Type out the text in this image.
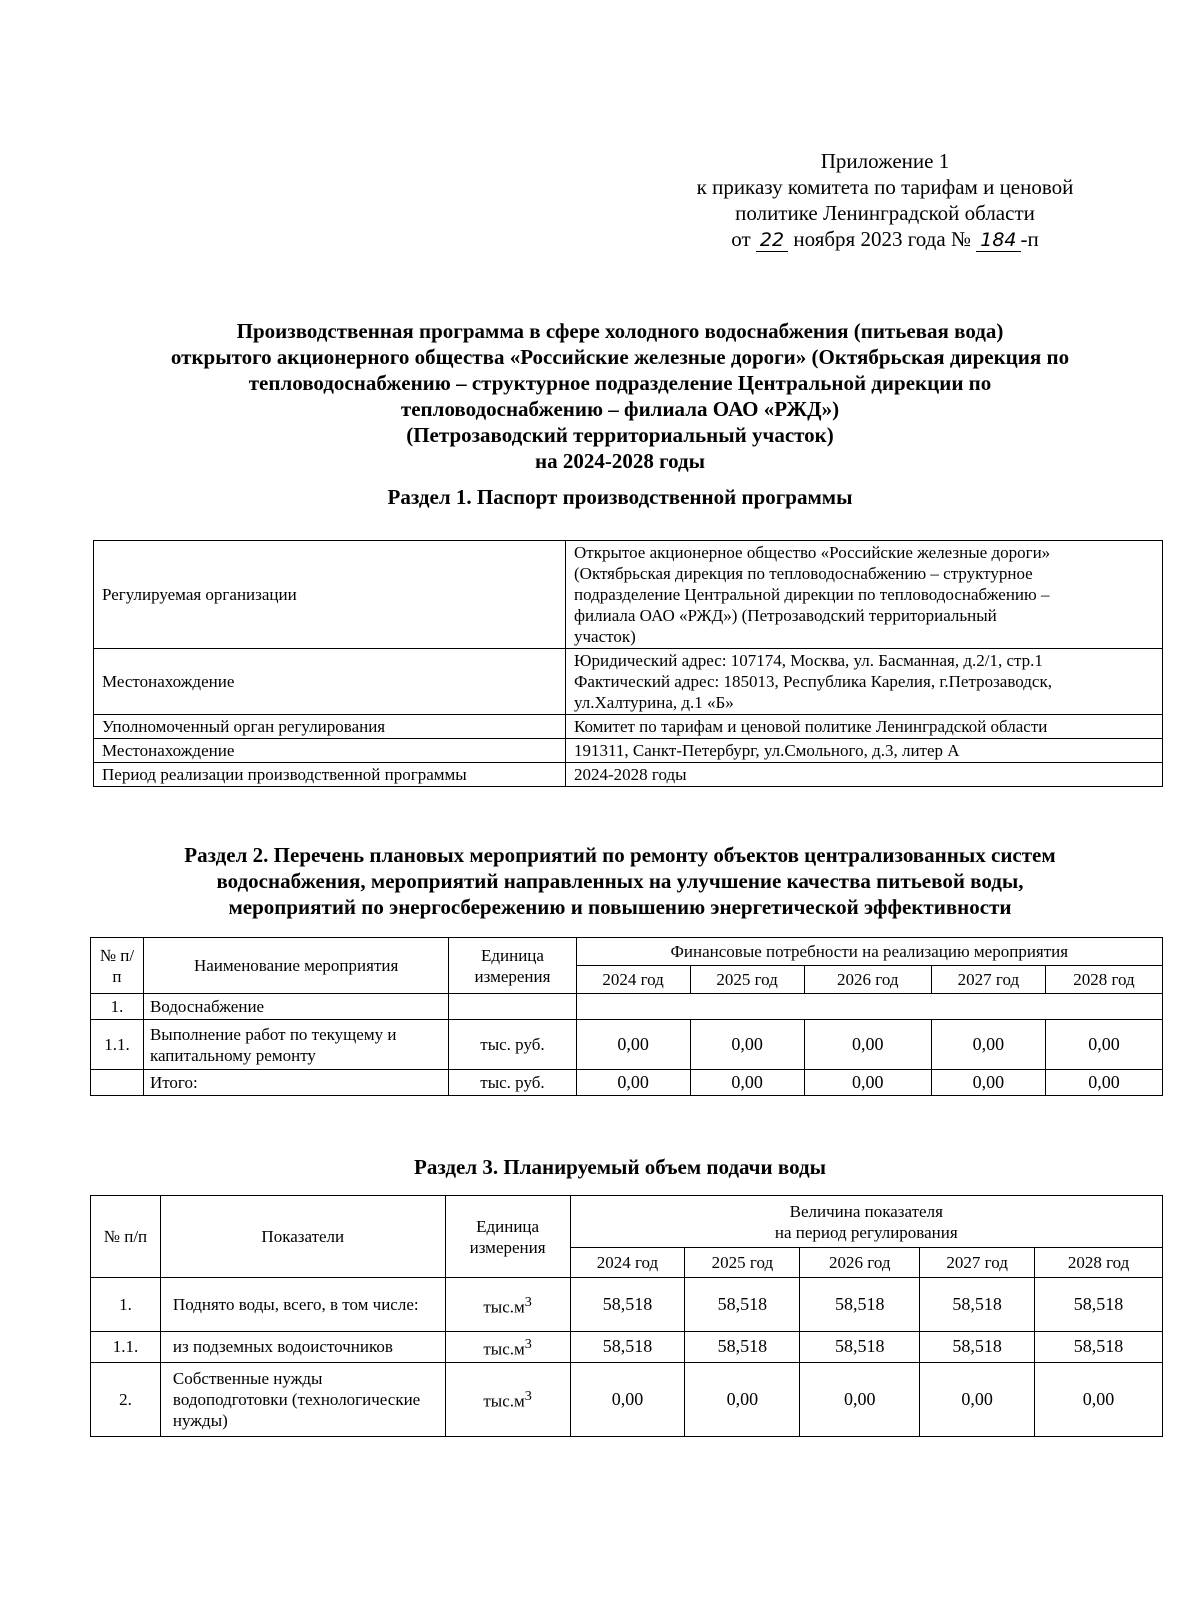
Приложение 1
к приказу комитета по тарифам и ценовой
политике Ленинградской области
от 22 ноября 2023 года № 184 -п
Производственная программа в сфере холодного водоснабжения (питьевая вода)
открытого акционерного общества «Российские железные дороги» (Октябрьская дирекция по
тепловодоснабжению – структурное подразделение Центральной дирекции по
тепловодоснабжению – филиала ОАО «РЖД»)
(Петрозаводский территориальный участок)
на 2024-2028 годы
Раздел 1. Паспорт производственной программы
Регулируемая организации	Открытое акционерное общество «Российские железные дороги»
(Октябрьская дирекция по тепловодоснабжению – структурное
подразделение Центральной дирекции по тепловодоснабжению –
филиала ОАО «РЖД») (Петрозаводский территориальный
участок)

Местонахождение	Юридический адрес: 107174, Москва, ул. Басманная, д.2/1, стр.1
Фактический адрес: 185013, Республика Карелия, г.Петрозаводск,
ул.Халтурина, д.1 «Б»

Уполномоченный орган регулирования	Комитет по тарифам и ценовой политике Ленинградской области
Местонахождение	191311, Санкт-Петербург, ул.Смольного, д.3, литер А
Период реализации производственной программы	2024-2028 годы
Раздел 2. Перечень плановых мероприятий по ремонту объектов централизованных систем
водоснабжения, мероприятий направленных на улучшение качества питьевой воды,
мероприятий по энергосбережению и повышению энергетической эффективности
№ п/п	Наименование мероприятия	Единица измерения	Финансовые потребности на реализацию мероприятия				
			2024 год	2025 год	2026 год	2027 год	2028 год
1.	Водоснабжение						
1.1.	Выполнение работ по текущему и капитальному ремонту	тыс. руб.	0,00	0,00	0,00	0,00	0,00
	Итого:	тыс. руб.	0,00	0,00	0,00	0,00	0,00
Раздел 3. Планируемый объем подачи воды
№ п/п	Показатели	Единица измерения	Величина показателя
на период регулирования				

			2024 год	2025 год	2026 год	2027 год	2028 год
1.	Поднято воды, всего, в том числе:	$тыс.м^3$	58,518	58,518	58,518	58,518	58,518
1.1.	из подземных водоисточников	$тыс.м^3$	58,518	58,518	58,518	58,518	58,518
2.	Собственные нужды водоподготовки (технологические нужды)	$тыс.м^3$	0,00	0,00	0,00	0,00	0,00
